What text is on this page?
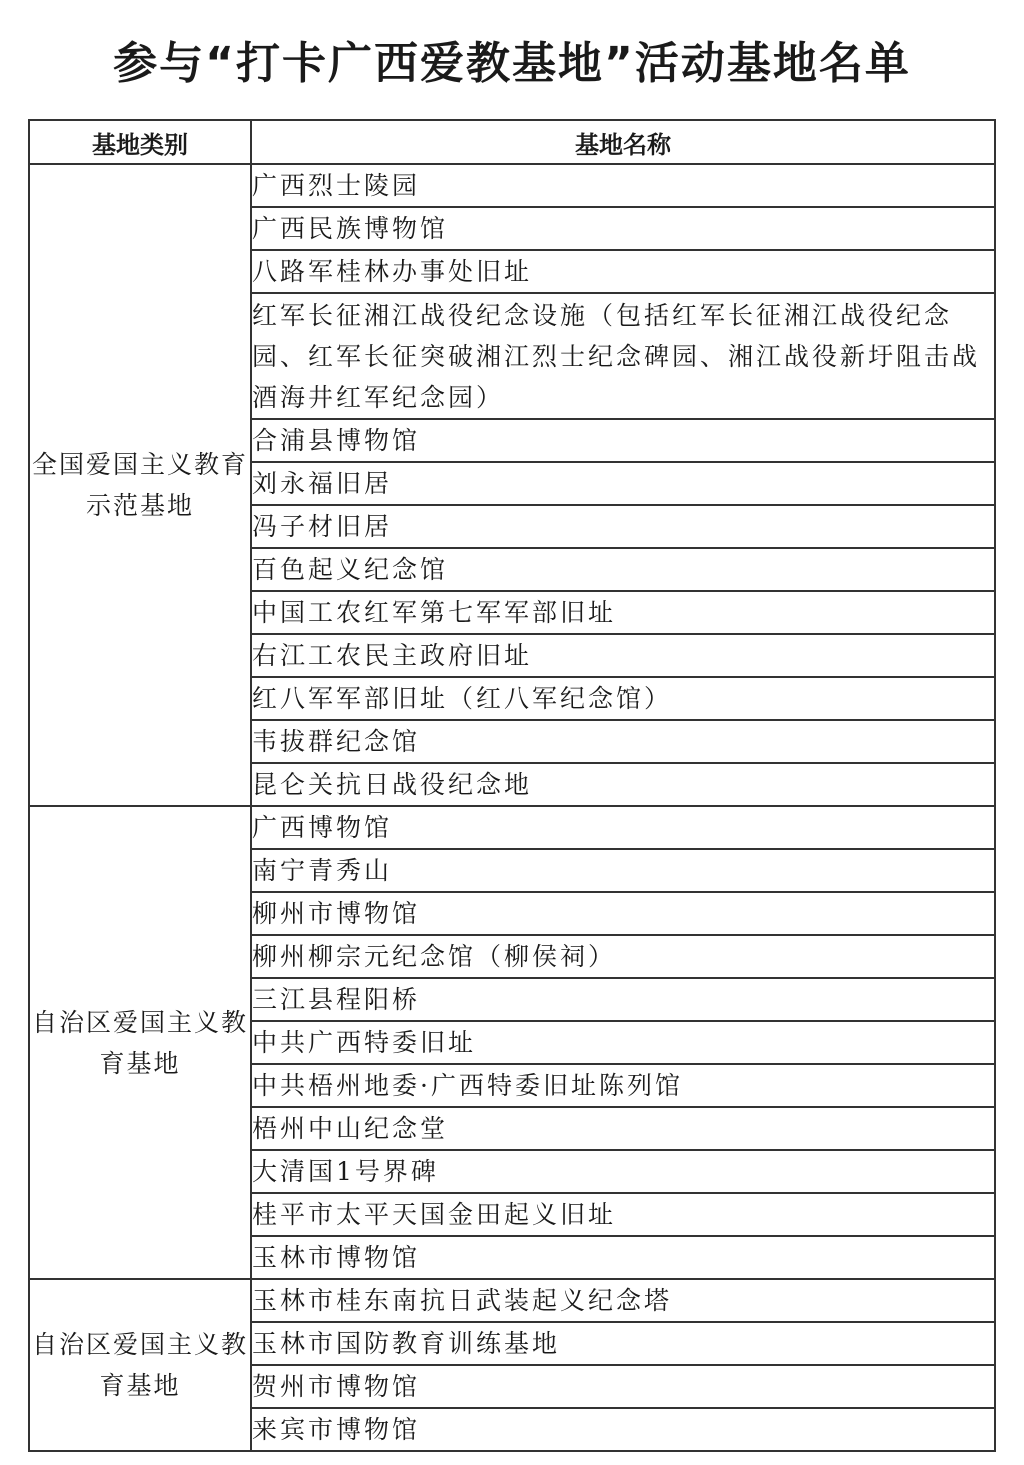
参与“打卡广西爱教基地”活动基地名单
基地类别	基地名称
全国爱国主义教育示范基地	广西烈士陵园
	广西民族博物馆
	八路军桂林办事处旧址
	红军长征湘江战役纪念设施（包括红军长征湘江战役纪念园、红军长征突破湘江烈士纪念碑园、湘江战役新圩阻击战酒海井红军纪念园）
	合浦县博物馆
	刘永福旧居
	冯子材旧居
	百色起义纪念馆
	中国工农红军第七军军部旧址
	右江工农民主政府旧址
	红八军军部旧址（红八军纪念馆）
	韦拔群纪念馆
	昆仑关抗日战役纪念地
自治区爱国主义教育基地	广西博物馆
	南宁青秀山
	柳州市博物馆
	柳州柳宗元纪念馆（柳侯祠）
	三江县程阳桥
	中共广西特委旧址
	中共梧州地委·广西特委旧址陈列馆
	梧州中山纪念堂
	大清国1号界碑
	桂平市太平天国金田起义旧址
	玉林市博物馆
自治区爱国主义教育基地	玉林市桂东南抗日武装起义纪念塔
	玉林市国防教育训练基地
	贺州市博物馆
	来宾市博物馆
